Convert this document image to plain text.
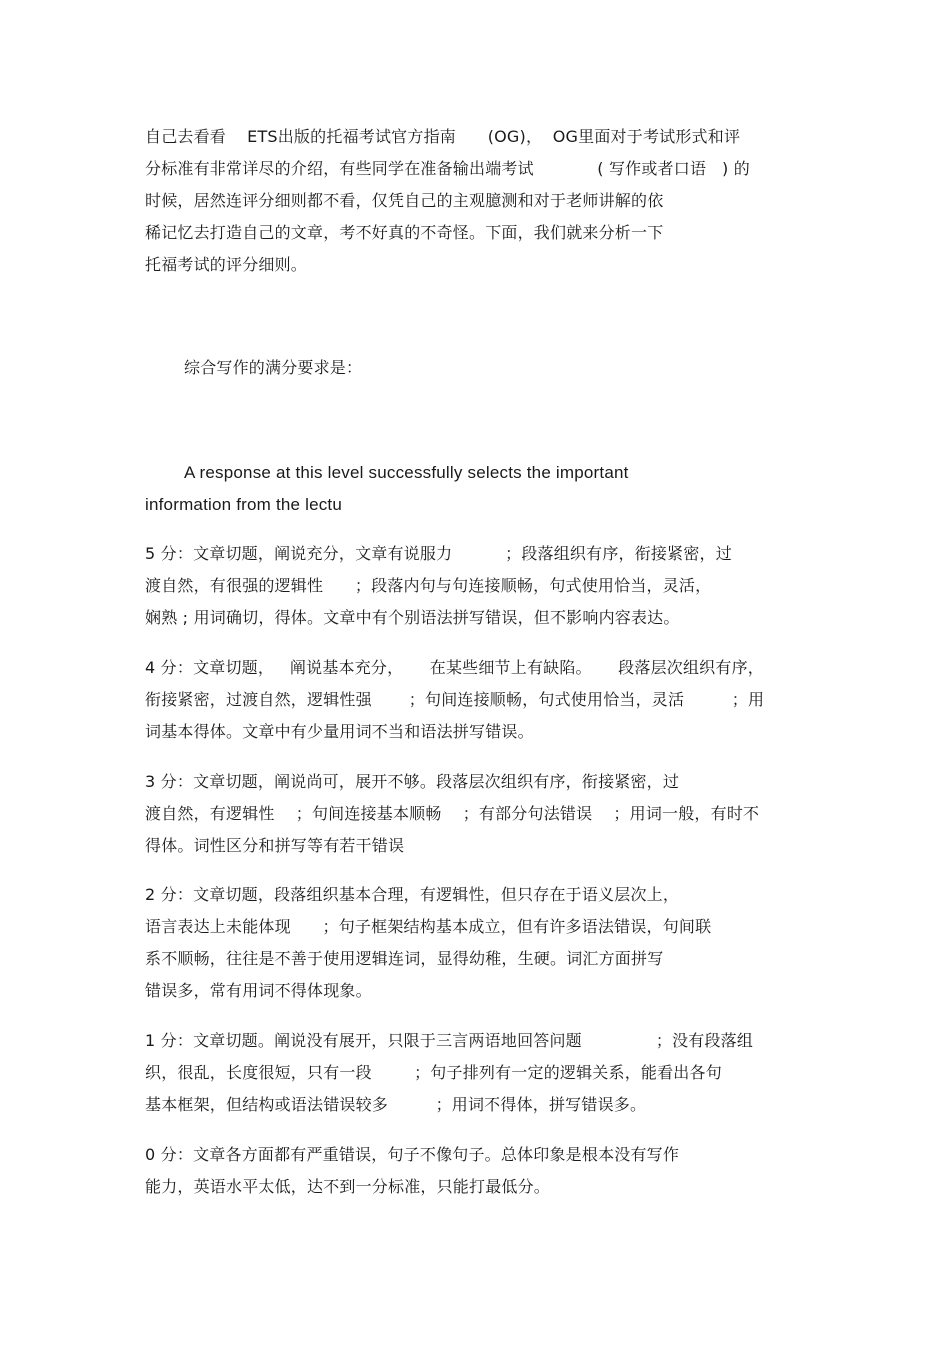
自己去看看    ETS出版的托福考试官方指南      (OG)，  OG里面对于考试形式和评
分标准有非常详尽的介绍，有些同学在准备输出端考试            ( 写作或者口语   ) 的
时候，居然连评分细则都不看，仅凭自己的主观臆测和对于老师讲解的依
稀记忆去打造自己的文章，考不好真的不奇怪。下面，我们就来分析一下
托福考试的评分细则。
综合写作的满分要求是：
A response at this level successfully selects the important
information from the lectu
5 分：文章切题，阐说充分，文章有说服力          ；段落组织有序，衔接紧密，过
渡自然，有很强的逻辑性      ；段落内句与句连接顺畅，句式使用恰当，灵活，
娴熟 ; 用词确切，得体。文章中有个别语法拼写错误，但不影响内容表达。
4 分：文章切题，   阐说基本充分，     在某些细节上有缺陷。     段落层次组织有序，
衔接紧密，过渡自然，逻辑性强       ；句间连接顺畅，句式使用恰当，灵活         ；用
词基本得体。文章中有少量用词不当和语法拼写错误。
3 分：文章切题，阐说尚可，展开不够。段落层次组织有序，衔接紧密，过
渡自然，有逻辑性    ；句间连接基本顺畅    ；有部分句法错误    ；用词一般，有时不
得体。词性区分和拼写等有若干错误
2 分：文章切题，段落组织基本合理，有逻辑性，但只存在于语义层次上，
语言表达上未能体现      ；句子框架结构基本成立，但有许多语法错误，句间联
系不顺畅，往往是不善于使用逻辑连词，显得幼稚，生硬。词汇方面拼写
错误多，常有用词不得体现象。
1 分：文章切题。阐说没有展开，只限于三言两语地回答问题              ；没有段落组
织，很乱，长度很短，只有一段        ；句子排列有一定的逻辑关系，能看出各句
基本框架，但结构或语法错误较多         ；用词不得体，拼写错误多。
0 分：文章各方面都有严重错误，句子不像句子。总体印象是根本没有写作
能力，英语水平太低，达不到一分标准，只能打最低分。
